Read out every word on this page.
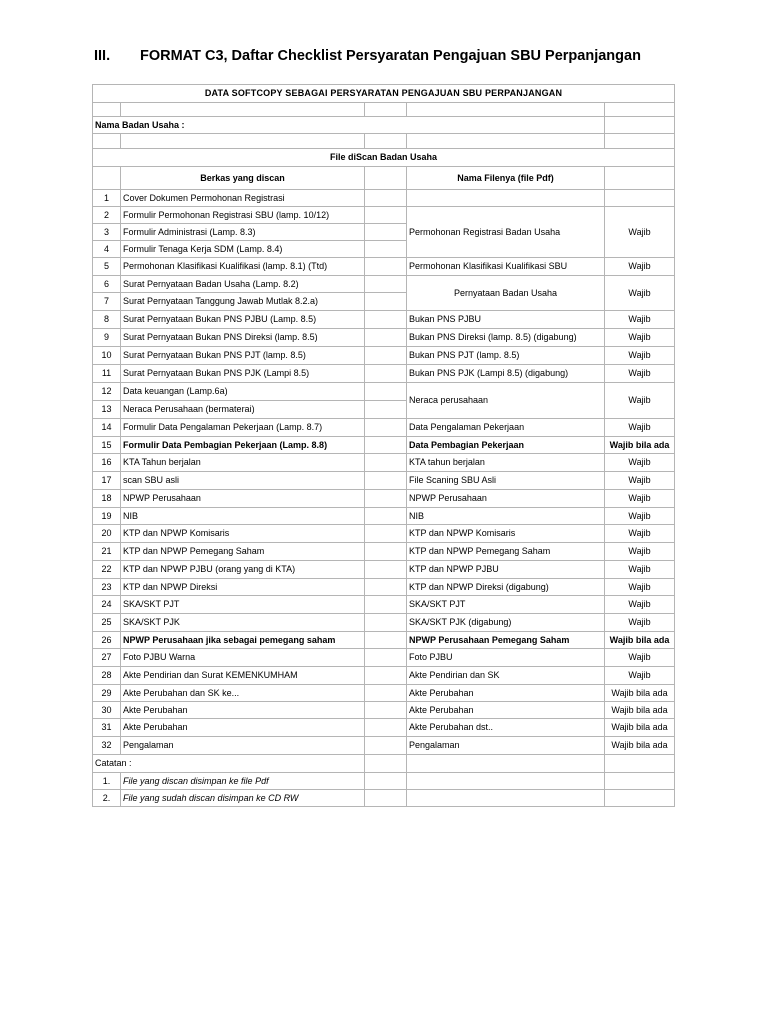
III. FORMAT C3, Daftar Checklist Persyaratan Pengajuan SBU Perpanjangan
DATA SOFTCOPY SEBAGAI PERSYARATAN PENGAJUAN SBU PERPANJANGAN				

Nama Badan Usaha :				

File diScan Badan Usaha				
	Berkas yang discan		Nama Filenya (file Pdf)	
1	Cover Dokumen Permohonan Registrasi			
2	Formulir Permohonan Registrasi SBU (lamp. 10/12)		Permohonan Registrasi Badan Usaha	Wajib
3	Formulir Administrasi (Lamp. 8.3)			
4	Formulir Tenaga Kerja SDM (Lamp. 8.4)			
5	Permohonan Klasifikasi Kualifikasi (lamp. 8.1) (Ttd)		Permohonan Klasifikasi Kualifikasi SBU	Wajib
6	Surat Pernyataan Badan Usaha (Lamp. 8.2)		Pernyataan Badan Usaha	Wajib
7	Surat Pernyataan Tanggung Jawab Mutlak 8.2.a)			
8	Surat Pernyataan Bukan PNS PJBU (Lamp. 8.5)		Bukan PNS PJBU	Wajib
9	Surat Pernyataan Bukan PNS Direksi (lamp. 8.5)		Bukan PNS Direksi (lamp. 8.5) (digabung)	Wajib
10	Surat Pernyataan Bukan PNS PJT (lamp. 8.5)		Bukan PNS PJT (lamp. 8.5)	Wajib
11	Surat Pernyataan Bukan PNS PJK (Lampi 8.5)		Bukan PNS PJK (Lampi 8.5) (digabung)	Wajib
12	Data keuangan (Lamp.6a)		Neraca perusahaan	Wajib
13	Neraca Perusahaan (bermaterai)			
14	Formulir Data Pengalaman Pekerjaan (Lamp. 8.7)		Data Pengalaman Pekerjaan	Wajib
15	Formulir Data Pembagian Pekerjaan (Lamp. 8.8)		Data Pembagian Pekerjaan	Wajib bila ada
16	KTA Tahun berjalan		KTA tahun berjalan	Wajib
17	scan SBU asli		File Scaning SBU Asli	Wajib
18	NPWP Perusahaan		NPWP Perusahaan	Wajib
19	NIB		NIB	Wajib
20	KTP dan NPWP Komisaris		KTP dan NPWP Komisaris	Wajib
21	KTP dan NPWP Pemegang Saham		KTP dan NPWP Pemegang Saham	Wajib
22	KTP dan NPWP PJBU (orang yang di KTA)		KTP dan NPWP PJBU	Wajib
23	KTP dan NPWP Direksi		KTP dan NPWP Direksi (digabung)	Wajib
24	SKA/SKT PJT		SKA/SKT PJT	Wajib
25	SKA/SKT PJK		SKA/SKT PJK (digabung)	Wajib
26	NPWP Perusahaan jika sebagai pemegang saham		NPWP Perusahaan Pemegang Saham	Wajib bila ada
27	Foto PJBU Warna		Foto PJBU	Wajib
28	Akte Pendirian dan Surat KEMENKUMHAM		Akte Pendirian dan SK	Wajib
29	Akte Perubahan dan SK ke...		Akte Perubahan	Wajib bila ada
30	Akte Perubahan		Akte Perubahan	Wajib bila ada
31	Akte Perubahan		Akte Perubahan dst..	Wajib bila ada
32	Pengalaman		Pengalaman	Wajib bila ada
Catatan :				
1.	File yang discan disimpan ke file Pdf			
2.	File yang sudah discan disimpan ke CD RW			
